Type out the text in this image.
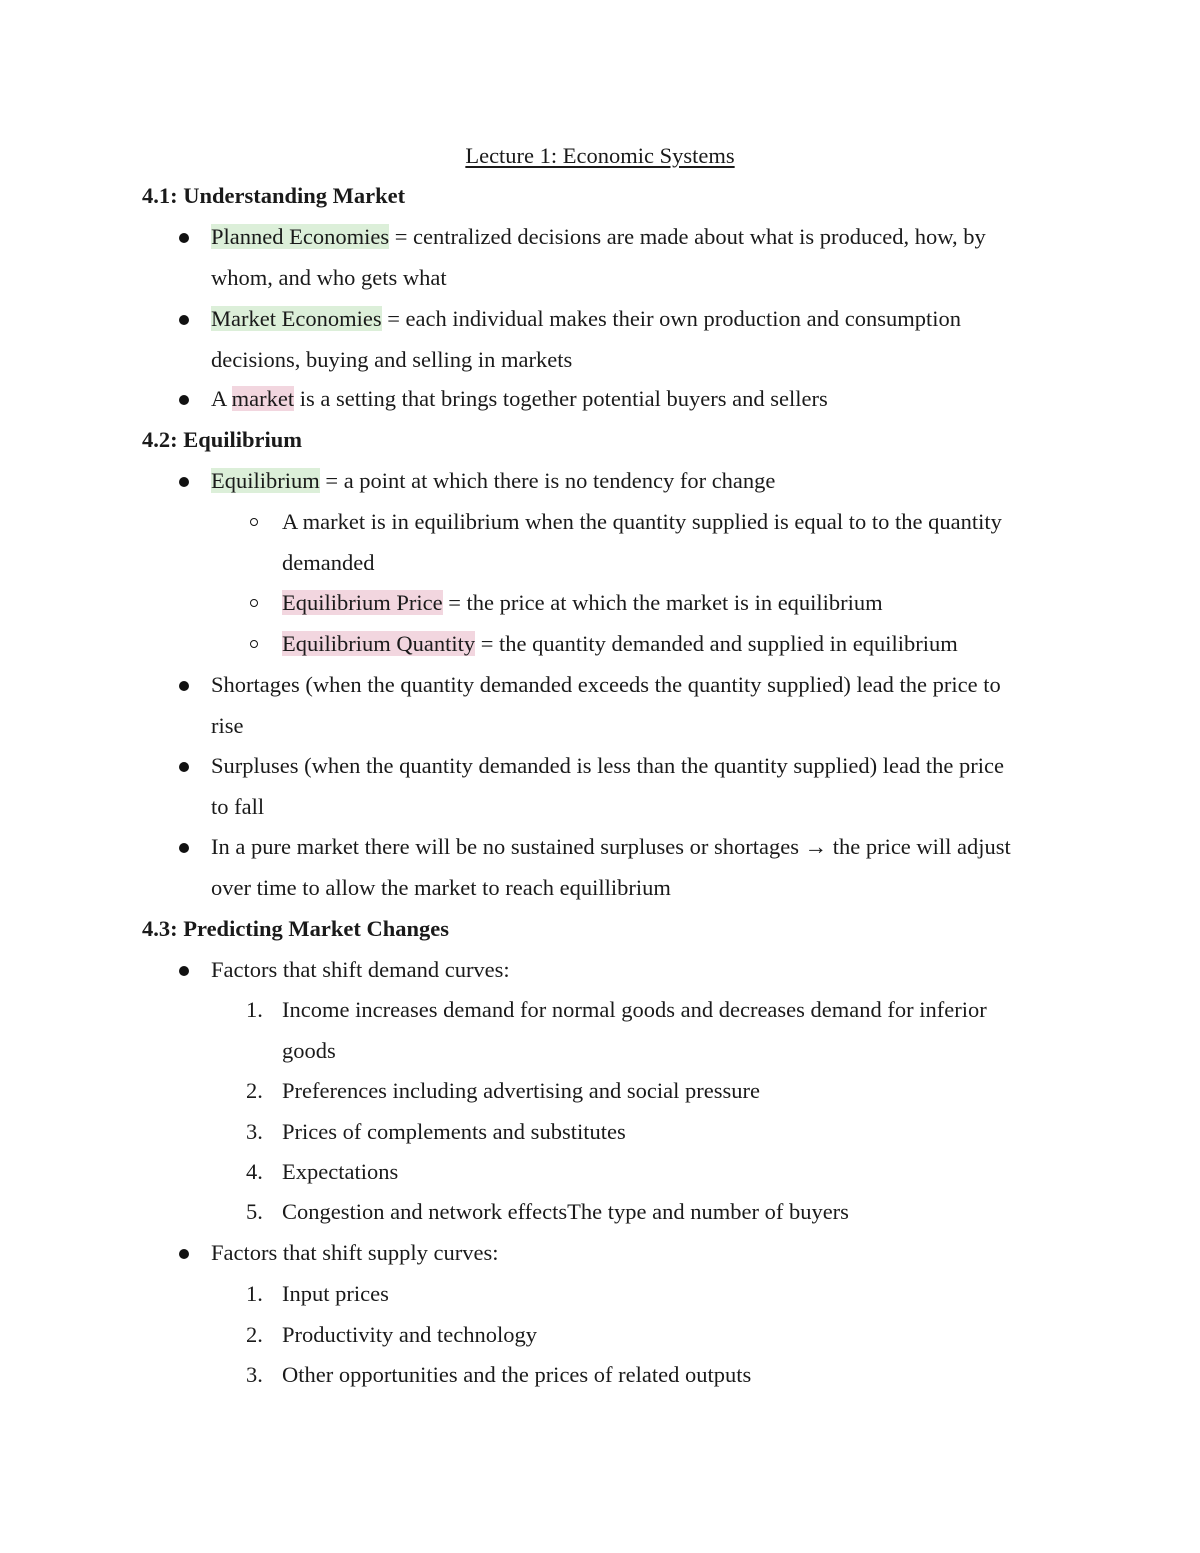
Lecture 1: Economic Systems
4.1: Understanding Market
Planned Economies = centralized decisions are made about what is produced, how, by
whom, and who gets what
Market Economies = each individual makes their own production and consumption
decisions, buying and selling in markets
A market is a setting that brings together potential buyers and sellers
4.2: Equilibrium
Equilibrium = a point at which there is no tendency for change
A market is in equilibrium when the quantity supplied is equal to to the quantity
demanded
Equilibrium Price = the price at which the market is in equilibrium
Equilibrium Quantity = the quantity demanded and supplied in equilibrium
Shortages (when the quantity demanded exceeds the quantity supplied) lead the price to
rise
Surpluses (when the quantity demanded is less than the quantity supplied) lead the price
to fall
In a pure market there will be no sustained surpluses or shortages → the price will adjust
over time to allow the market to reach equillibrium
4.3: Predicting Market Changes
Factors that shift demand curves:
1. Income increases demand for normal goods and decreases demand for inferior
goods
2. Preferences including advertising and social pressure
3. Prices of complements and substitutes
4. Expectations
5. Congestion and network effectsThe type and number of buyers
Factors that shift supply curves:
1. Input prices
2. Productivity and technology
3. Other opportunities and the prices of related outputs
